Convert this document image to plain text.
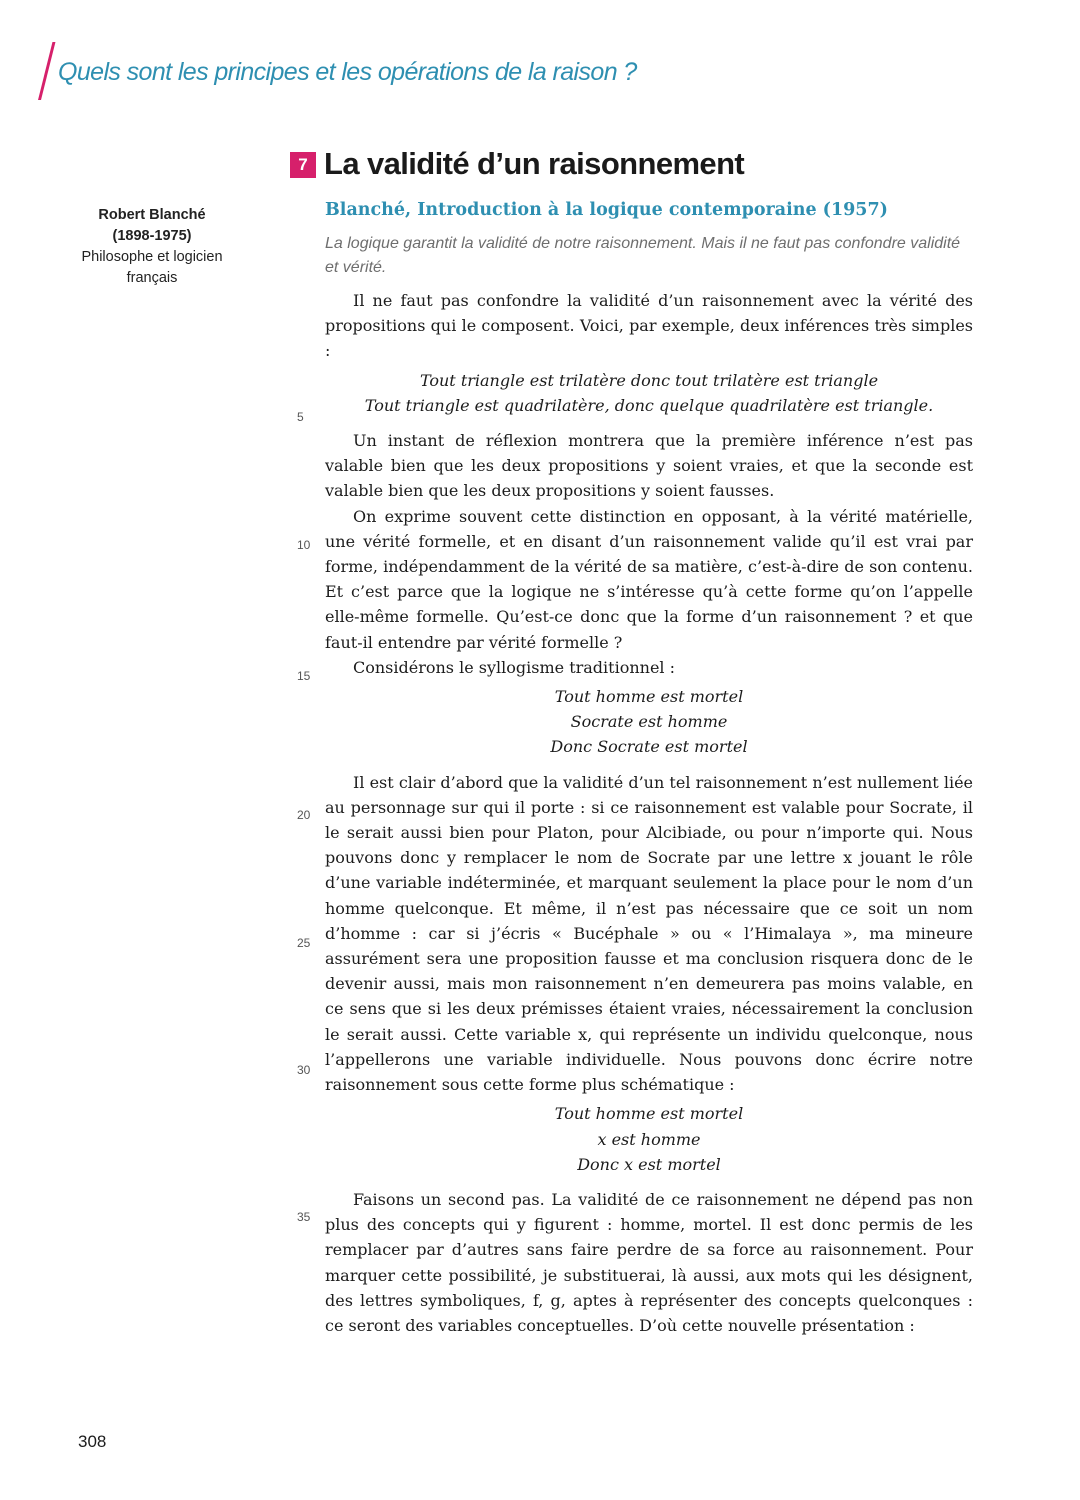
Quels sont les principes et les opérations de la raison ?
7 La validité d’un raisonnement
Robert Blanché
(1898-1975)
Philosophe et logicien français
Blanché, Introduction à la logique contemporaine (1957)
La logique garantit la validité de notre raisonnement. Mais il ne faut pas confondre validité et vérité.

Il ne faut pas confondre la validité d’un raisonnement avec la vérité des propositions qui le composent. Voici, par exemple, deux inférences très simples :

Tout triangle est trilatère donc tout trilatère est triangle
Tout triangle est quadrilatère, donc quelque quadrilatère est triangle.

Un instant de réflexion montrera que la première inférence n’est pas valable bien que les deux propositions y soient vraies, et que la seconde est valable bien que les deux propositions y soient fausses.

On exprime souvent cette distinction en opposant, à la vérité matérielle, une vérité formelle, et en disant d’un raisonnement valide qu’il est vrai par forme, indépendamment de la vérité de sa matière, c’est-à-dire de son contenu. Et c’est parce que la logique ne s’intéresse qu’à cette forme qu’on l’appelle elle-même formelle. Qu’est-ce donc que la forme d’un raisonnement ? et que faut-il entendre par vérité formelle ?

Considérons le syllogisme traditionnel :

Tout homme est mortel
Socrate est homme
Donc Socrate est mortel

Il est clair d’abord que la validité d’un tel raisonnement n’est nullement liée au personnage sur qui il porte : si ce raisonnement est valable pour Socrate, il le serait aussi bien pour Platon, pour Alcibiade, ou pour n’importe qui. Nous pouvons donc y remplacer le nom de Socrate par une lettre x jouant le rôle d’une variable indéterminée, et marquant seulement la place pour le nom d’un homme quelconque. Et même, il n’est pas nécessaire que ce soit un nom d’homme : car si j’écris « Bucéphale » ou « l’Himalaya », ma mineure assurément sera une proposition fausse et ma conclusion risquera donc de le devenir aussi, mais mon raisonnement n’en demeurera pas moins valable, en ce sens que si les deux prémisses étaient vraies, nécessairement la conclusion le serait aussi. Cette variable x, qui représente un individu quelconque, nous l’appellerons une variable individuelle. Nous pouvons donc écrire notre raisonnement sous cette forme plus schématique :

Tout homme est mortel
x est homme
Donc x est mortel

Faisons un second pas. La validité de ce raisonnement ne dépend pas non plus des concepts qui y figurent : homme, mortel. Il est donc permis de les remplacer par d’autres sans faire perdre de sa force au raisonnement. Pour marquer cette possibilité, je substituerai, là aussi, aux mots qui les désignent, des lettres symboliques, f, g, aptes à représenter des concepts quelconques : ce seront des variables conceptuelles. D’où cette nouvelle présentation :

5
10
15
20
25
30
35
308
